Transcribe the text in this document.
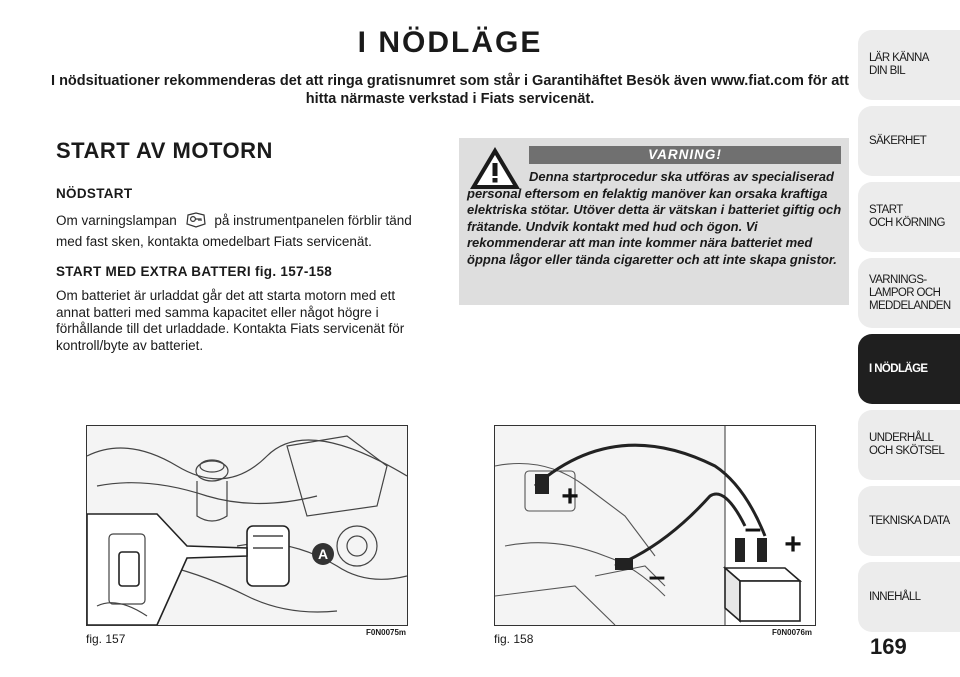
I NÖDLÄGE

I nödsituationer rekommenderas det att ringa gratisnumret som står i Garantihäftet Besök även www.fiat.com för att hitta närmaste verkstad i Fiats servicenät.

START AV MOTORN
NÖDSTART

Om varningslampan	på instrumentpanelen förblir tänd med fast sken, kontakta omedelbart Fiats servicenät.

START MED EXTRA BATTERI fig. 157-158

Om batteriet är urladdat går det att starta motorn med ett annat batteri med samma kapacitet eller något högre i förhållande till det urladdade. Kontakta Fiats servicenät för kontroll/byte av batteriet.

VARNING!

Denna startprocedur ska utföras av specialiserad personal eftersom en felaktig manöver kan orsaka kraftiga elektriska stötar. Utöver detta är vätskan i batteriet giftig och frätande. Undvik kontakt med hud och ögon. Vi rekommenderar att man inte kommer nära batteriet med öppna lågor eller tända cigaretter och att inte skapa gnistor.

A
+
+
–
–

fig. 157	F0N0075m	fig. 158	F0N0076m

LÄR KÄNNA
DIN BIL
SÄKERHET
START
OCH KÖRNING
VARNINGS-
LAMPOR OCH
MEDDELANDEN
I NÖDLÄGE
UNDERHÅLL
OCH SKÖTSEL
TEKNISKA DATA
INNEHÅLL

169
